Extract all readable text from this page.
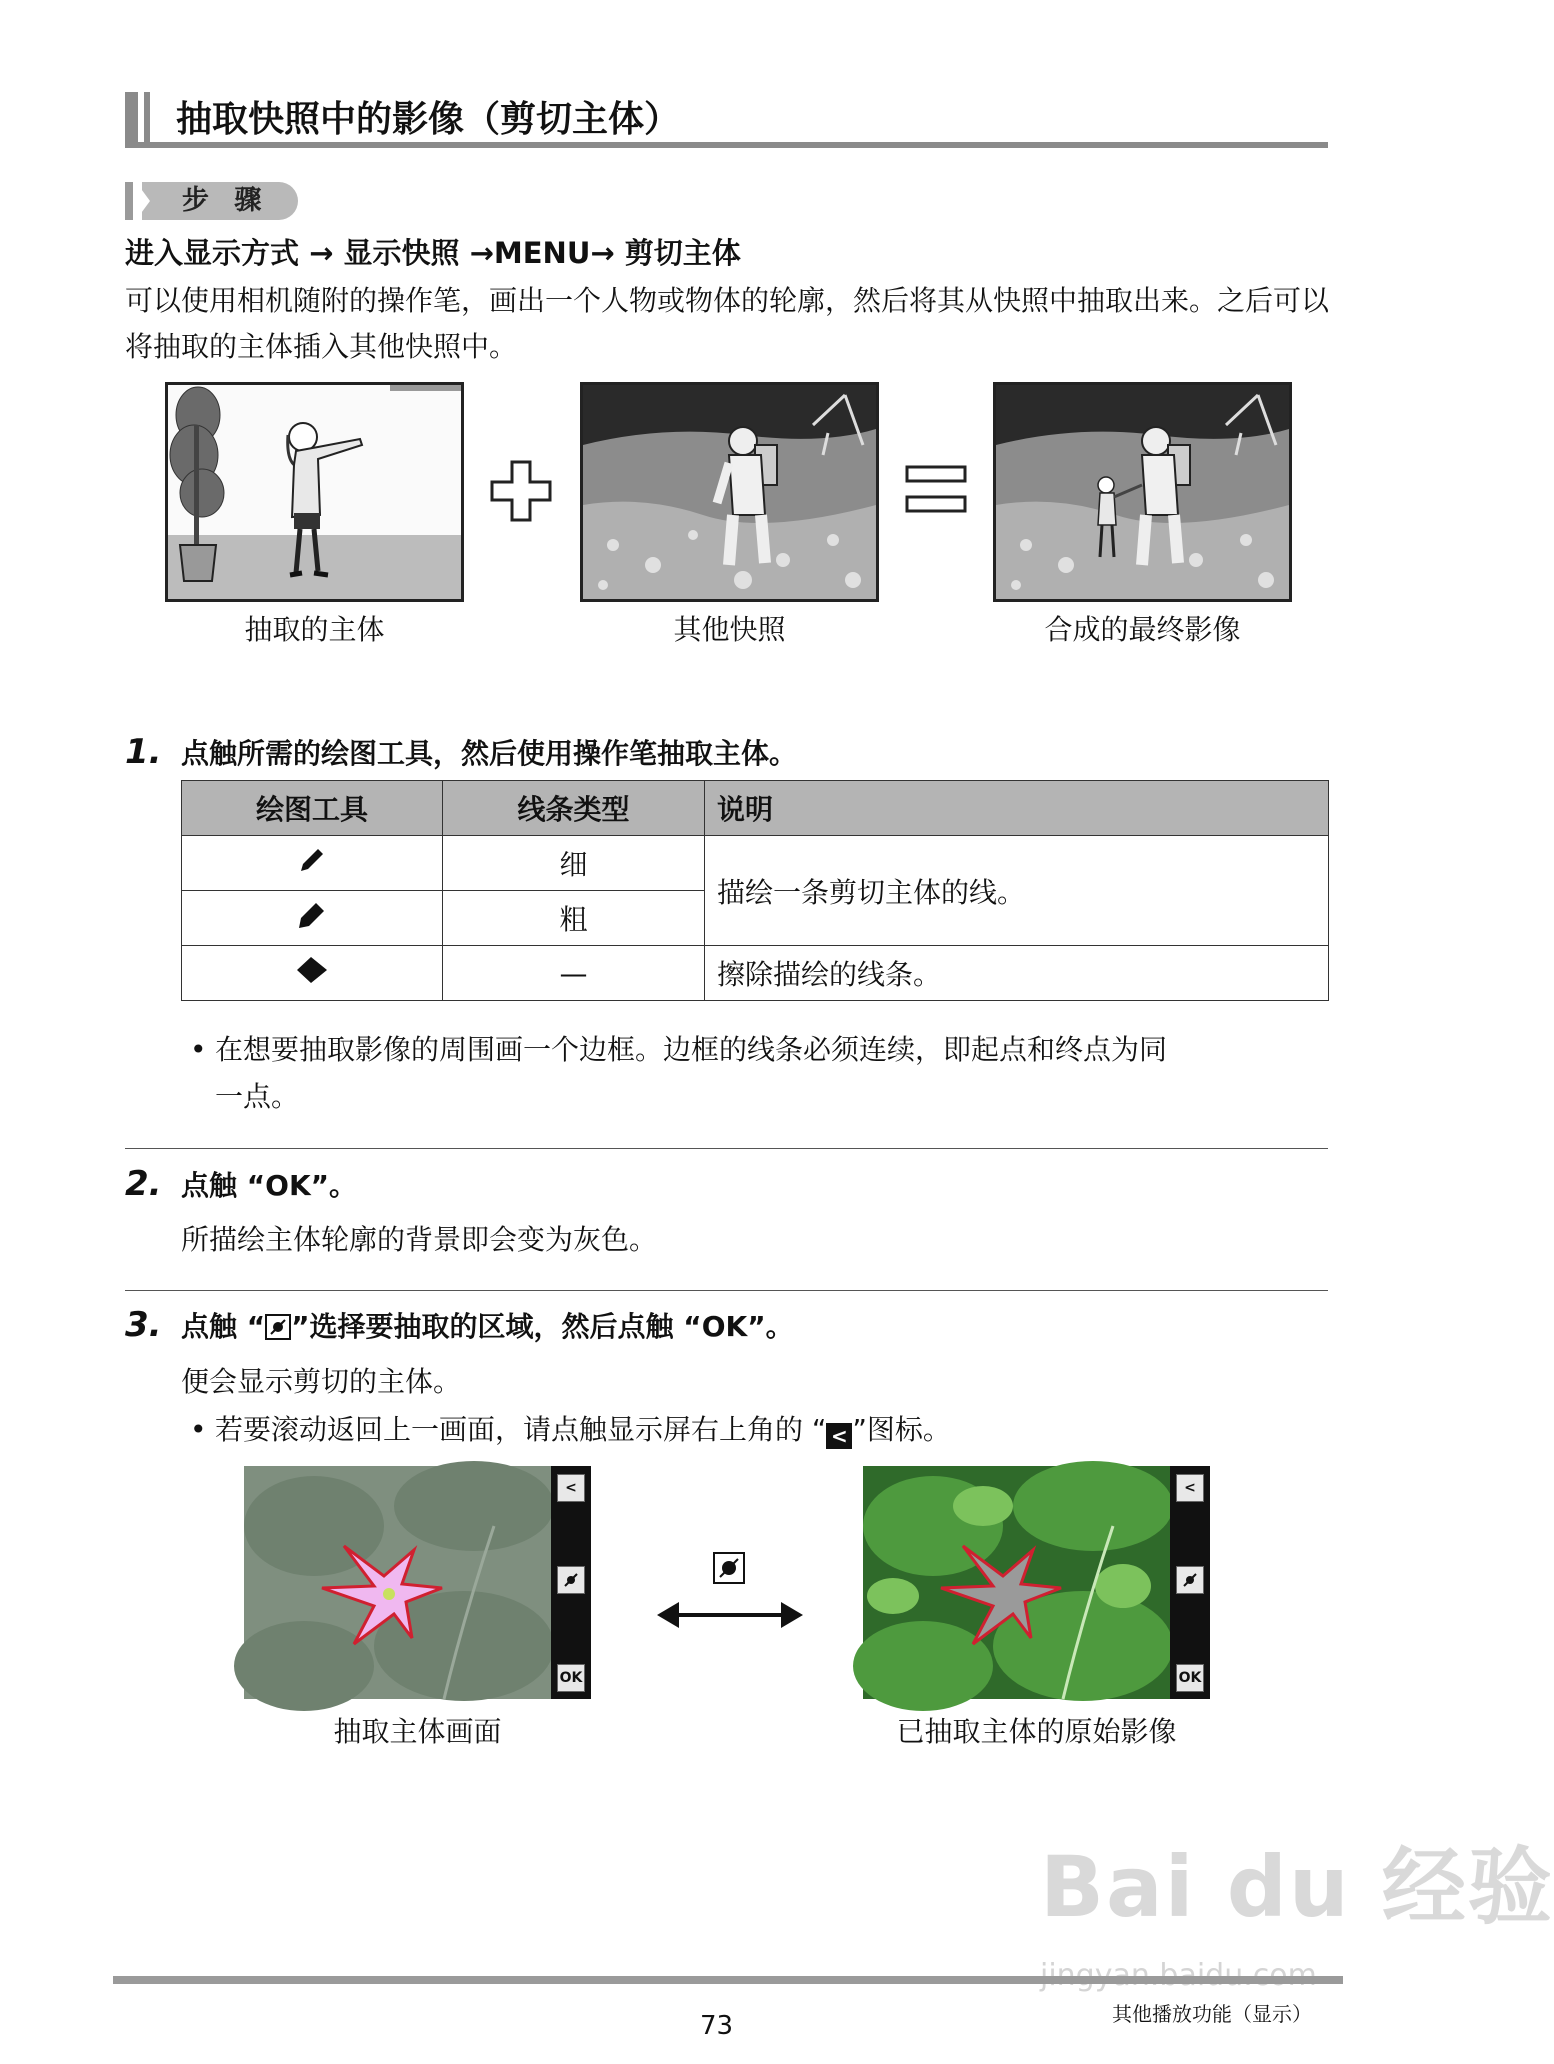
抽取快照中的影像（剪切主体）
步 骤
进入显示方式 → 显示快照 →MENU→ 剪切主体
可以使用相机随附的操作笔，画出一个人物或物体的轮廓，然后将其从快照中抽取出来。之后可以将抽取的主体插入其他快照中。
抽取的主体	其他快照	合成的最终影像
1. 点触所需的绘图工具，然后使用操作笔抽取主体。
绘图工具	线条类型	说明
	细	描绘一条剪切主体的线。
	粗	
	—	擦除描绘的线条。
• 在想要抽取影像的周围画一个边框。边框的线条必须连续，即起点和终点为同
一点。
2. 点触 “OK”。
所描绘主体轮廓的背景即会变为灰色。
3. 点触 “ ”选择要抽取的区域，然后点触 “OK”。
便会显示剪切的主体。
• 若要滚动返回上一画面，请点触显示屏右上角的 “ < ”图标。
<
OK
抽取主体画面
<
OK
已抽取主体的原始影像
Bai du 经验
73	其他播放功能（显示）
